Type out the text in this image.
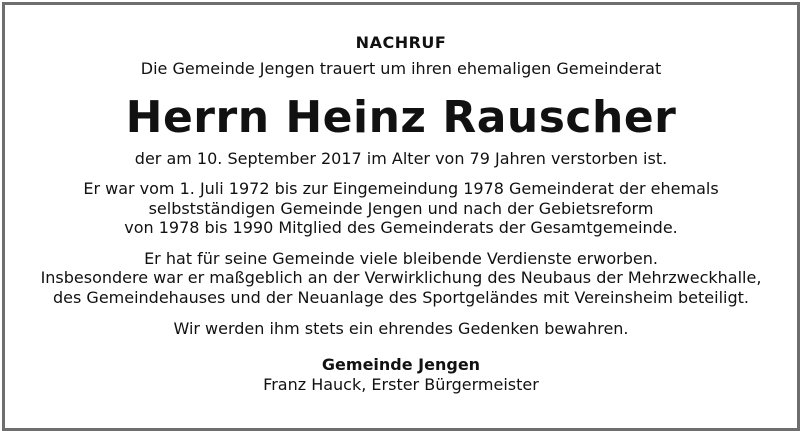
NACHRUF
Die Gemeinde Jengen trauert um ihren ehemaligen Gemeinderat
Herrn Heinz Rauscher
der am 10. September 2017 im Alter von 79 Jahren verstorben ist.
Er war vom 1. Juli 1972 bis zur Eingemeindung 1978 Gemeinderat der ehemals
selbstständigen Gemeinde Jengen und nach der Gebietsreform
von 1978 bis 1990 Mitglied des Gemeinderats der Gesamtgemeinde.
Er hat für seine Gemeinde viele bleibende Verdienste erworben.
Insbesondere war er maßgeblich an der Verwirklichung des Neubaus der Mehrzweckhalle,
des Gemeindehauses und der Neuanlage des Sportgeländes mit Vereinsheim beteiligt.
Wir werden ihm stets ein ehrendes Gedenken bewahren.
Gemeinde Jengen
Franz Hauck, Erster Bürgermeister
